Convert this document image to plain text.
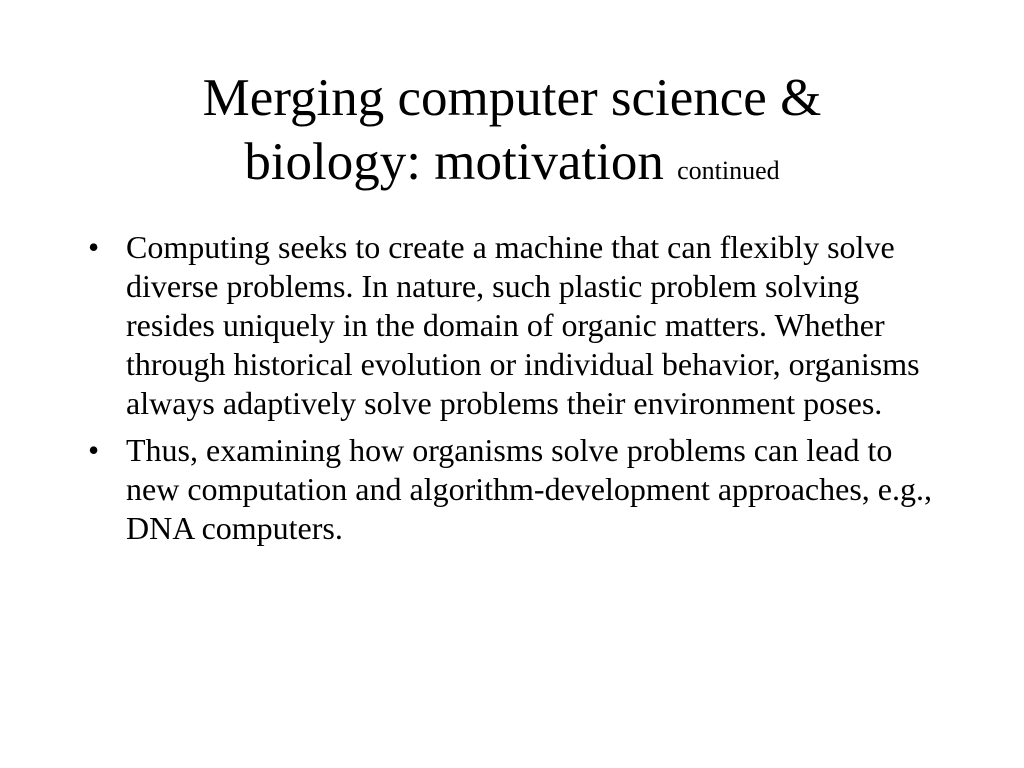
Merging computer science &
biology: motivation continued
• Computing seeks to create a machine that can flexibly solve diverse problems. In nature, such plastic problem solving resides uniquely in the domain of organic matters. Whether through historical evolution or individual behavior, organisms always adaptively solve problems their environment poses.
• Thus, examining how organisms solve problems can lead to new computation and algorithm-development approaches, e.g., DNA computers.
